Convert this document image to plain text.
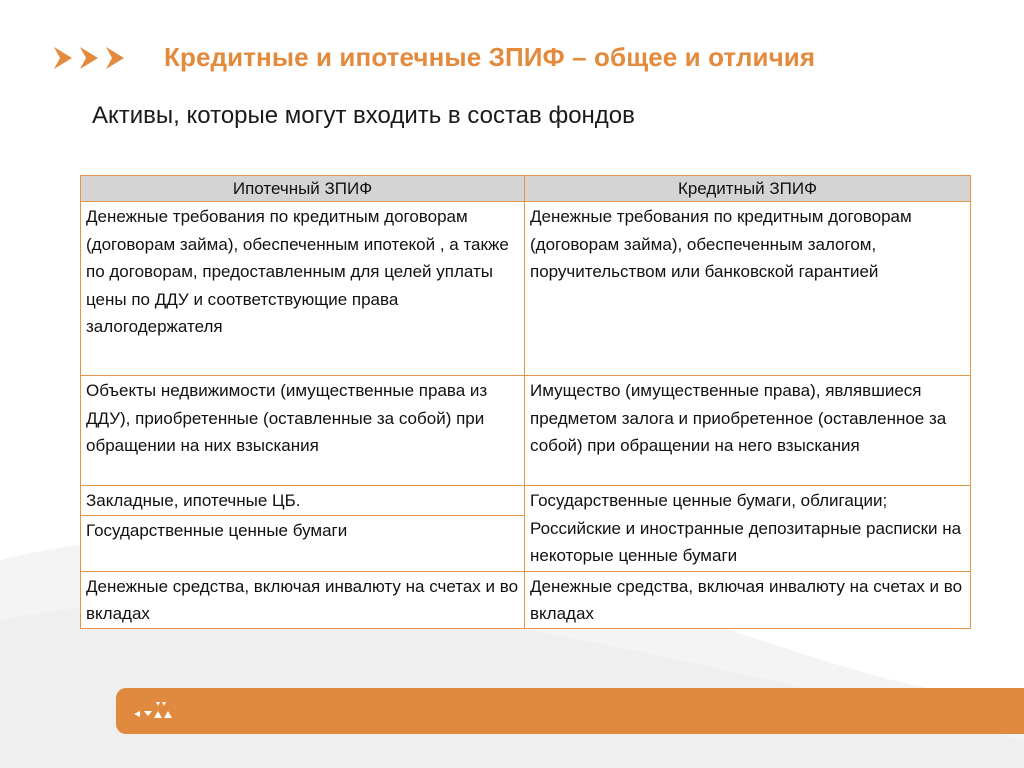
Кредитные и ипотечные ЗПИФ – общее и отличия
Активы, которые могут входить в состав фондов
Ипотечный ЗПИФ	Кредитный ЗПИФ
Денежные требования по кредитным договорам (договорам займа), обеспеченным ипотекой , а также по договорам, предоставленным для целей уплаты цены по ДДУ и соответствующие права залогодержателя	Денежные требования по кредитным договорам (договорам займа), обеспеченным залогом, поручительством или банковской гарантией
Объекты недвижимости (имущественные права из ДДУ), приобретенные (оставленные за собой) при обращении на них взыскания	Имущество (имущественные права), являвшиеся предметом залога и приобретенное (оставленное за собой) при обращении на него взыскания
Закладные, ипотечные ЦБ.	Государственные ценные бумаги, облигации; Российские и иностранные депозитарные расписки на некоторые ценные бумаги
Государственные ценные бумаги	
Денежные средства, включая инвалюту на счетах и во вкладах	Денежные средства, включая инвалюту на счетах и во вкладах
